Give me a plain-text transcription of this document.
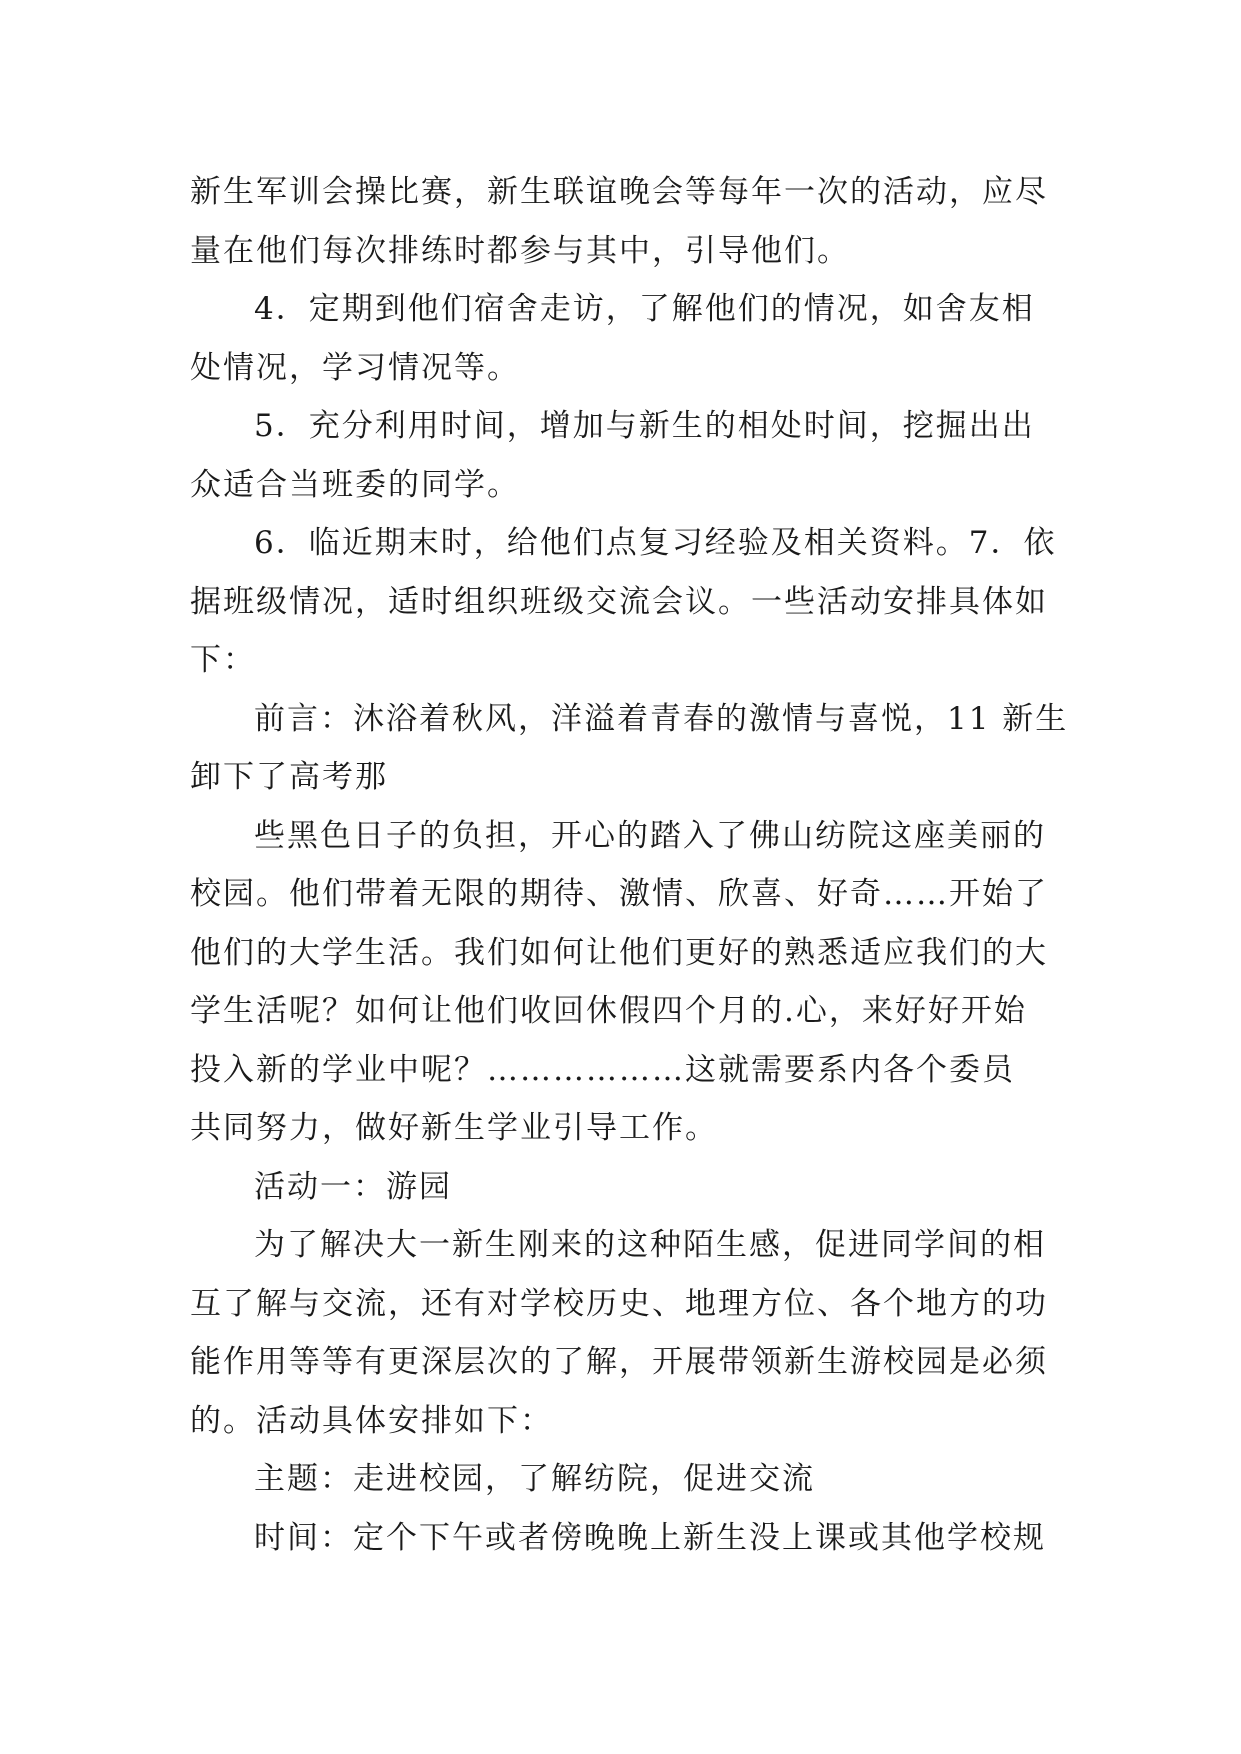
新生军训会操比赛，新生联谊晚会等每年一次的活动，应尽
量在他们每次排练时都参与其中，引导他们。
4．定期到他们宿舍走访，了解他们的情况，如舍友相
处情况，学习情况等。
5．充分利用时间，增加与新生的相处时间，挖掘出出
众适合当班委的同学。
6．临近期末时，给他们点复习经验及相关资料。7．依
据班级情况，适时组织班级交流会议。一些活动安排具体如
下：
前言：沐浴着秋风，洋溢着青春的激情与喜悦，11 新生
卸下了高考那
些黑色日子的负担，开心的踏入了佛山纺院这座美丽的
校园。他们带着无限的期待、激情、欣喜、好奇……开始了
他们的大学生活。我们如何让他们更好的熟悉适应我们的大
学生活呢？如何让他们收回休假四个月的.心，来好好开始
投入新的学业中呢？………………这就需要系内各个委员
共同努力，做好新生学业引导工作。
活动一：游园
为了解决大一新生刚来的这种陌生感，促进同学间的相
互了解与交流，还有对学校历史、地理方位、各个地方的功
能作用等等有更深层次的了解，开展带领新生游校园是必须
的。活动具体安排如下：
主题：走进校园，了解纺院，促进交流
时间：定个下午或者傍晚晚上新生没上课或其他学校规
